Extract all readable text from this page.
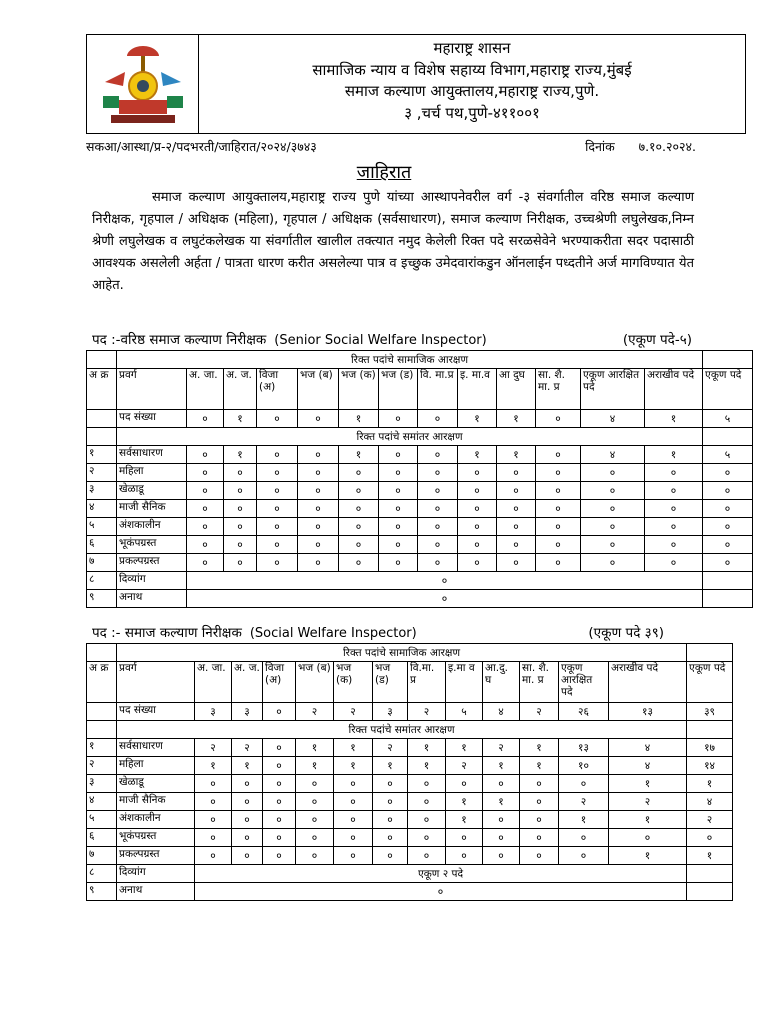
महाराष्ट्र शासन
सामाजिक न्याय व विशेष सहाय्य विभाग,महाराष्ट्र राज्य,मुंबई
समाज कल्याण आयुक्तालय,महाराष्ट्र राज्य,पुणे.
३ ,चर्च पथ,पुणे-४११००१
सकआ/आस्था/प्र-२/पदभरती/जाहिरात/२०२४/३७४३	दिनांक ७.१०.२०२४.
जाहिरात
समाज कल्याण आयुक्तालय,महाराष्ट्र राज्य पुणे यांच्या आस्थापनेवरील वर्ग -३ संवर्गातील वरिष्ठ समाज कल्याण निरीक्षक, गृहपाल / अधिक्षक (महिला), गृहपाल / अधिक्षक (सर्वसाधारण), समाज कल्याण निरीक्षक, उच्चश्रेणी लघुलेखक,निम्न श्रेणी लघुलेखक व लघुटंकलेखक या संवर्गातील खालील तक्त्यात नमुद केलेली रिक्त पदे सरळसेवेने भरण्याकरीता सदर पदासाठी आवश्यक असलेली अर्हता / पात्रता धारण करीत असलेल्या पात्र व इच्छुक उमेदवारांकडुन ऑनलाईन पध्दतीने अर्ज मागविण्यात येत आहेत.
पद :-वरिष्ठ समाज कल्याण निरीक्षक (Senior Social Welfare Inspector)	(एकूण पदे-५)
	रिक्त पदांचे सामाजिक आरक्षण													
अ क्र	प्रवर्ग	अ. जा.	अ. ज.	विजा (अ)	भज (ब)	भज (क)	भज (ड)	वि. मा.प्र	इ. मा.व	आ दुघ	सा. शै. मा. प्र	एकूण आरक्षित पदे	अराखीव पदे	एकूण पदे
	पद संख्या	०	१	०	०	१	०	०	१	१	०	४	१	५
	रिक्त पदांचे समांतर आरक्षण													
१	सर्वसाधारण	०	१	०	०	१	०	०	१	१	०	४	१	५
२	महिला	०	०	०	०	०	०	०	०	०	०	०	०	०
३	खेळाडू	०	०	०	०	०	०	०	०	०	०	०	०	०
४	माजी सैनिक	०	०	०	०	०	०	०	०	०	०	०	०	०
५	अंशकालीन	०	०	०	०	०	०	०	०	०	०	०	०	०
६	भूकंपग्रस्त	०	०	०	०	०	०	०	०	०	०	०	०	०
७	प्रकल्पग्रस्त	०	०	०	०	०	०	०	०	०	०	०	०	०
८	दिव्यांग	०												
९	अनाथ	०												
पद :- समाज कल्याण निरीक्षक (Social Welfare Inspector)	(एकूण पदे ३९)
	रिक्त पदांचे सामाजिक आरक्षण													
अ क्र	प्रवर्ग	अ. जा.	अ. ज.	विजा (अ)	भज (ब)	भज (क)	भज (ड)	वि.मा. प्र	इ.मा व	आ.दु. घ	सा. शै. मा. प्र	एकूण आरक्षित पदे	अराखीव पदे	एकूण पदे
	पद संख्या	३	३	०	२	२	३	२	५	४	२	२६	१३	३९
	रिक्त पदांचे समांतर आरक्षण													
१	सर्वसाधारण	२	२	०	१	१	२	१	१	२	१	१३	४	१७
२	महिला	१	१	०	१	१	१	१	२	१	१	१०	४	१४
३	खेळाडू	०	०	०	०	०	०	०	०	०	०	०	१	१
४	माजी सैनिक	०	०	०	०	०	०	०	१	१	०	२	२	४
५	अंशकालीन	०	०	०	०	०	०	०	१	०	०	१	१	२
६	भूकंपग्रस्त	०	०	०	०	०	०	०	०	०	०	०	०	०
७	प्रकल्पग्रस्त	०	०	०	०	०	०	०	०	०	०	०	१	१
८	दिव्यांग	एकूण २ पदे												
९	अनाथ	०												
